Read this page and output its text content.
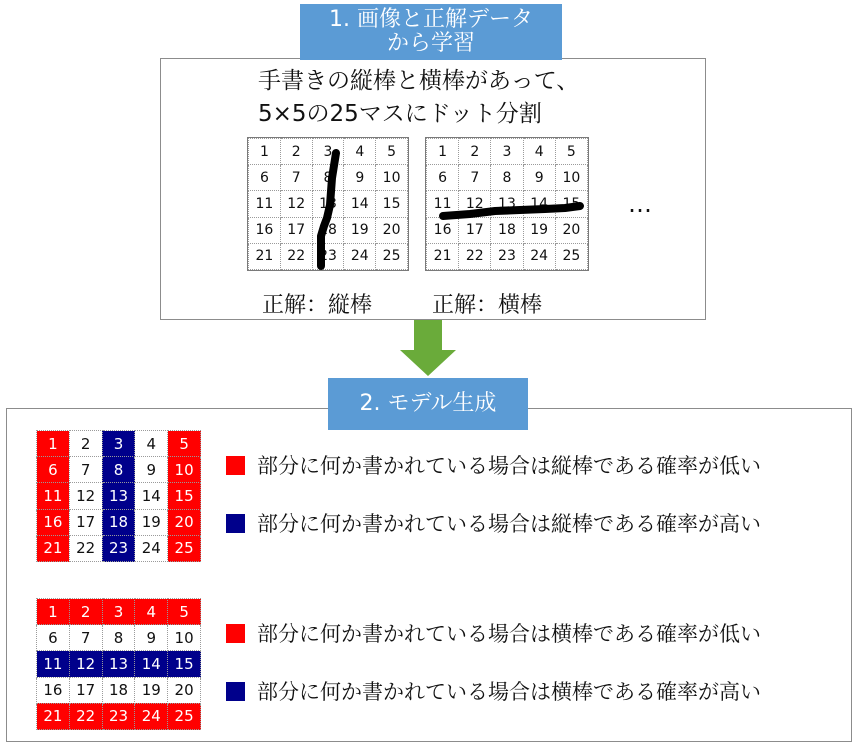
1. 画像と正解データ
から学習
手書きの縦棒と横棒があって、
5×5の25マスにドット分割
1	2	3	4	5
6	7	8	9	10
11	12	13	14	15
16	17	18	19	20
21	22	23	24	25
1	2	3	4	5
6	7	8	9	10
11	12	13	14	15
16	17	18	19	20
21	22	23	24	25
正解：縦棒	正解：横棒
…
2. モデル生成
1	2	3	4	5
6	7	8	9	10
11	12	13	14	15
16	17	18	19	20
21	22	23	24	25
1	2	3	4	5
6	7	8	9	10
11	12	13	14	15
16	17	18	19	20
21	22	23	24	25
部分に何か書かれている場合は縦棒である確率が低い
部分に何か書かれている場合は縦棒である確率が高い
部分に何か書かれている場合は横棒である確率が低い
部分に何か書かれている場合は横棒である確率が高い
